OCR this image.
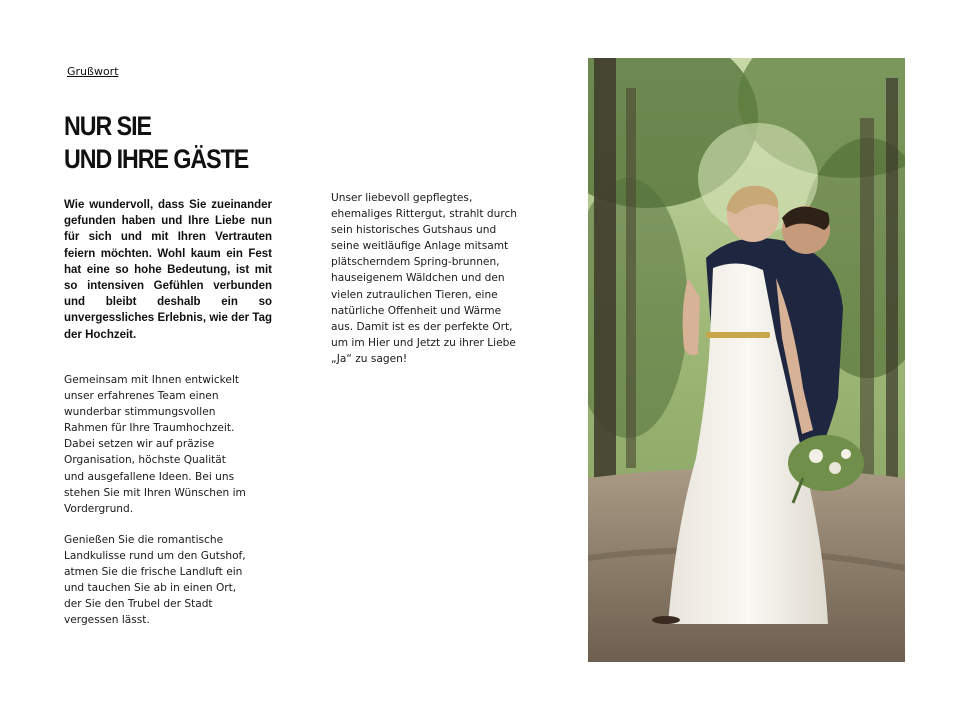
Grußwort
NUR SIE
UND IHRE GÄSTE

Wie wundervoll, dass Sie zueinander gefunden haben und Ihre Liebe nun für sich und mit Ihren Vertrauten feiern möchten. Wohl kaum ein Fest hat eine so hohe Bedeutung, ist mit so intensiven Gefühlen verbunden und bleibt deshalb ein so unvergessliches Erlebnis, wie der Tag der Hochzeit.

Gemeinsam mit Ihnen entwickelt
unser erfahrenes Team einen
wunderbar stimmungsvollen
Rahmen für Ihre Traumhochzeit.
Dabei setzen wir auf präzise
Organisation, höchste Qualität
und ausgefallene Ideen. Bei uns
stehen Sie mit Ihren Wünschen im
Vordergrund.

Genießen Sie die romantische
Landkulisse rund um den Gutshof,
atmen Sie die frische Landluft ein
und tauchen Sie ab in einen Ort,
der Sie den Trubel der Stadt
vergessen lässt.

Unser liebevoll gepflegtes,
ehemaliges Rittergut, strahlt durch
sein historisches Gutshaus und
seine weitläufige Anlage mitsamt
plätscherndem Spring-brunnen,
hauseigenem Wäldchen und den
vielen zutraulichen Tieren, eine
natürliche Offenheit und Wärme
aus. Damit ist es der perfekte Ort,
um im Hier und Jetzt zu ihrer Liebe
„Ja“ zu sagen!
